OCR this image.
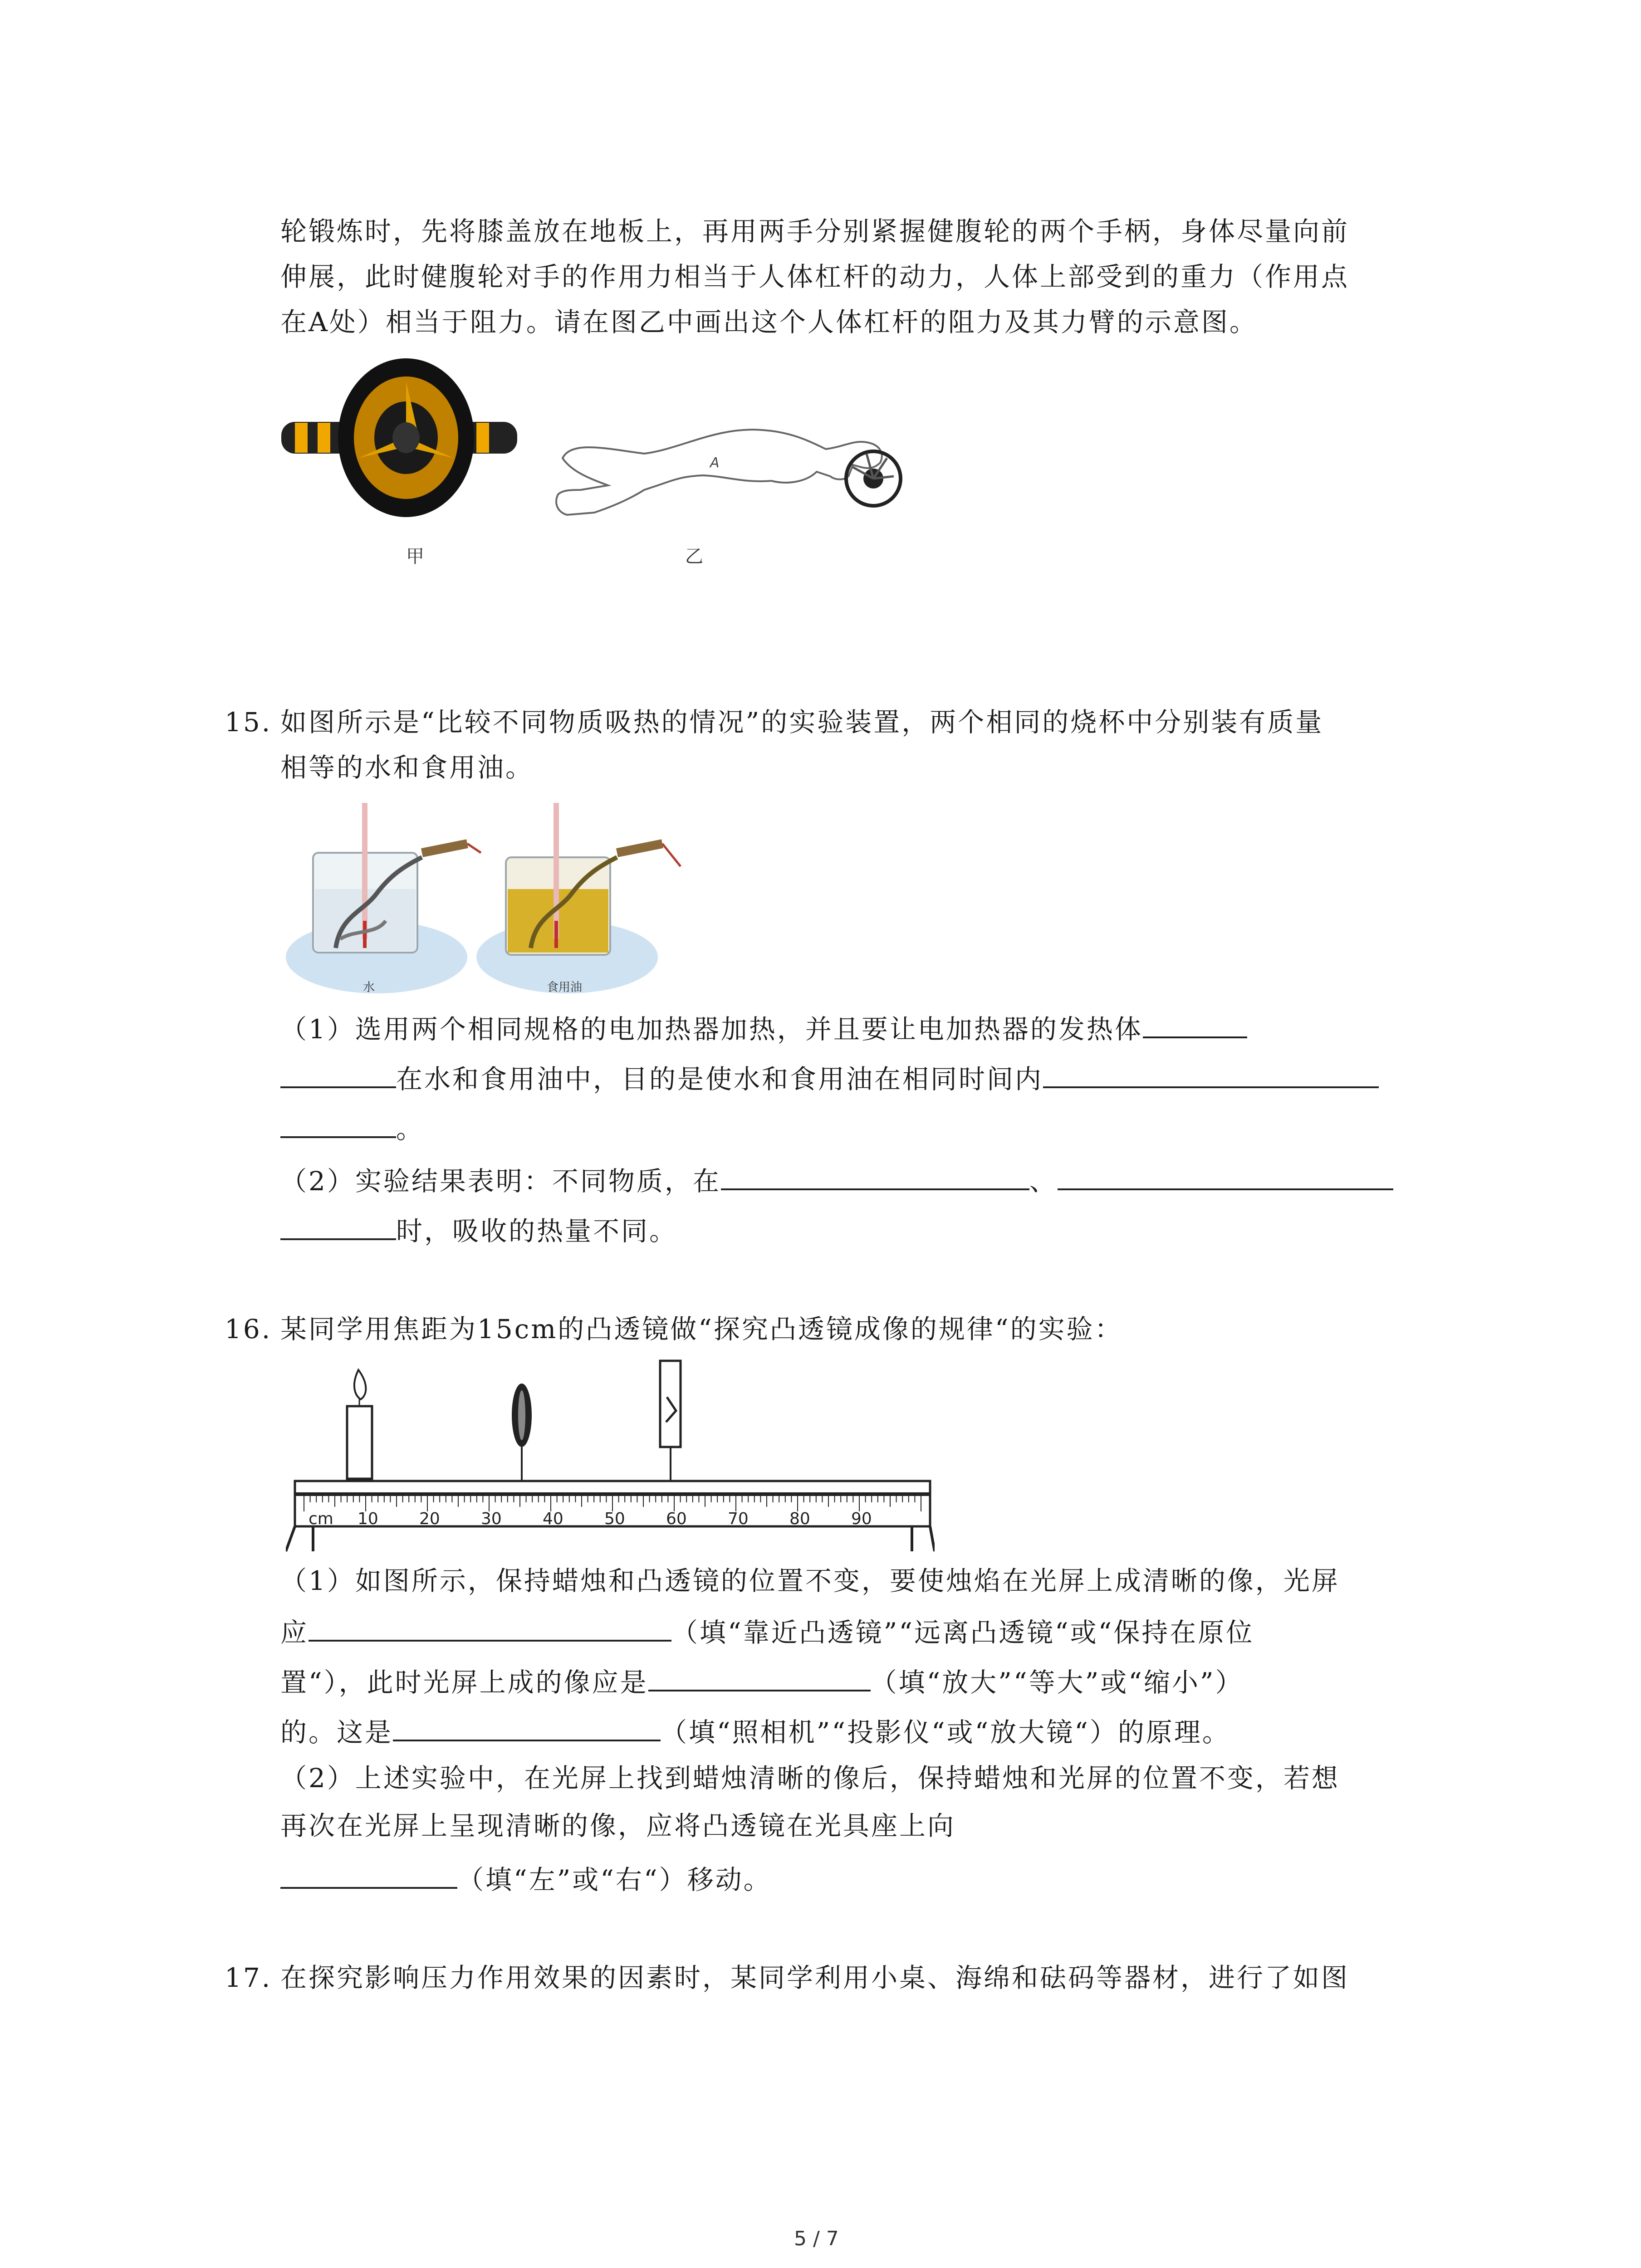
轮锻炼时，先将膝盖放在地板上，再用两手分别紧握健腹轮的两个手柄，身体尽量向前
伸展，此时健腹轮对手的作用力相当于人体杠杆的动力，人体上部受到的重力（作用点
在A处）相当于阻力。请在图乙中画出这个人体杠杆的阻力及其力臂的示意图。
甲
A
乙
15. 如图所示是“比较不同物质吸热的情况”的实验装置，两个相同的烧杯中分别装有质量
相等的水和食用油。
水	食用油
（1）选用两个相同规格的电加热器加热，并且要让电加热器的发热体
在水和食用油中，目的是使水和食用油在相同时间内
。
（2）实验结果表明：不同物质，在	、
时，吸收的热量不同。
16. 某同学用焦距为15cm的凸透镜做“探究凸透镜成像的规律“的实验：
cm 10	20	30	40	50	60	70	80	90
（1）如图所示，保持蜡烛和凸透镜的位置不变，要使烛焰在光屏上成清晰的像，光屏
应	（填“靠近凸透镜”“远离凸透镜“或“保持在原位
置“），此时光屏上成的像应是	（填“放大”“等大”或“缩小”）
的。这是	（填“照相机”“投影仪“或“放大镜“）的原理。
（2）上述实验中，在光屏上找到蜡烛清晰的像后，保持蜡烛和光屏的位置不变，若想
再次在光屏上呈现清晰的像，应将凸透镜在光具座上向
（填“左”或“右“）移动。
17. 在探究影响压力作用效果的因素时，某同学利用小桌、海绵和砝码等器材，进行了如图
5 / 7
